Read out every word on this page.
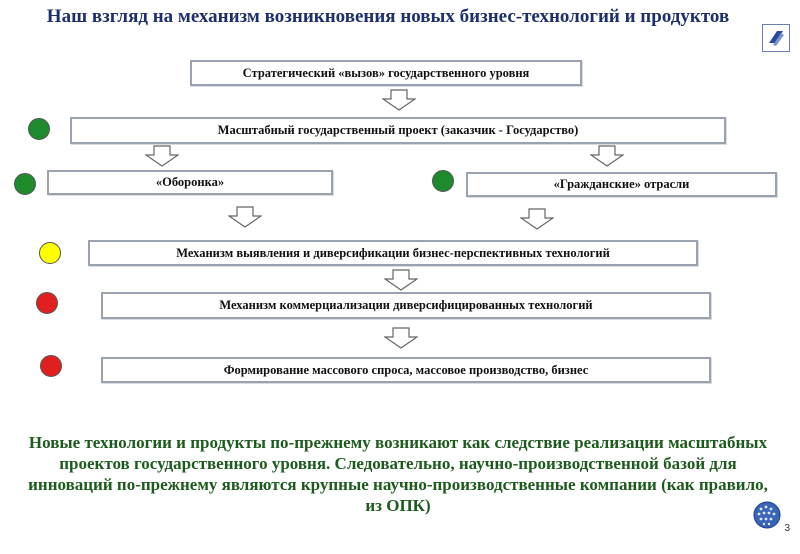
Наш взгляд на механизм возникновения новых бизнес-технологий и продуктов
Стратегический «вызов» государственного уровня
Масштабный государственный проект (заказчик - Государство)
«Оборонка»	«Гражданские» отрасли
Механизм выявления и диверсификации бизнес-перспективных технологий
Механизм коммерциализации диверсифицированных технологий
Формирование массового спроса, массовое производство, бизнес
Новые технологии и продукты по-прежнему возникают как следствие реализации масштабных проектов государственного уровня. Следовательно, научно-производственной базой для инноваций по-прежнему являются крупные научно-производственные компании (как правило, из ОПК)
3
